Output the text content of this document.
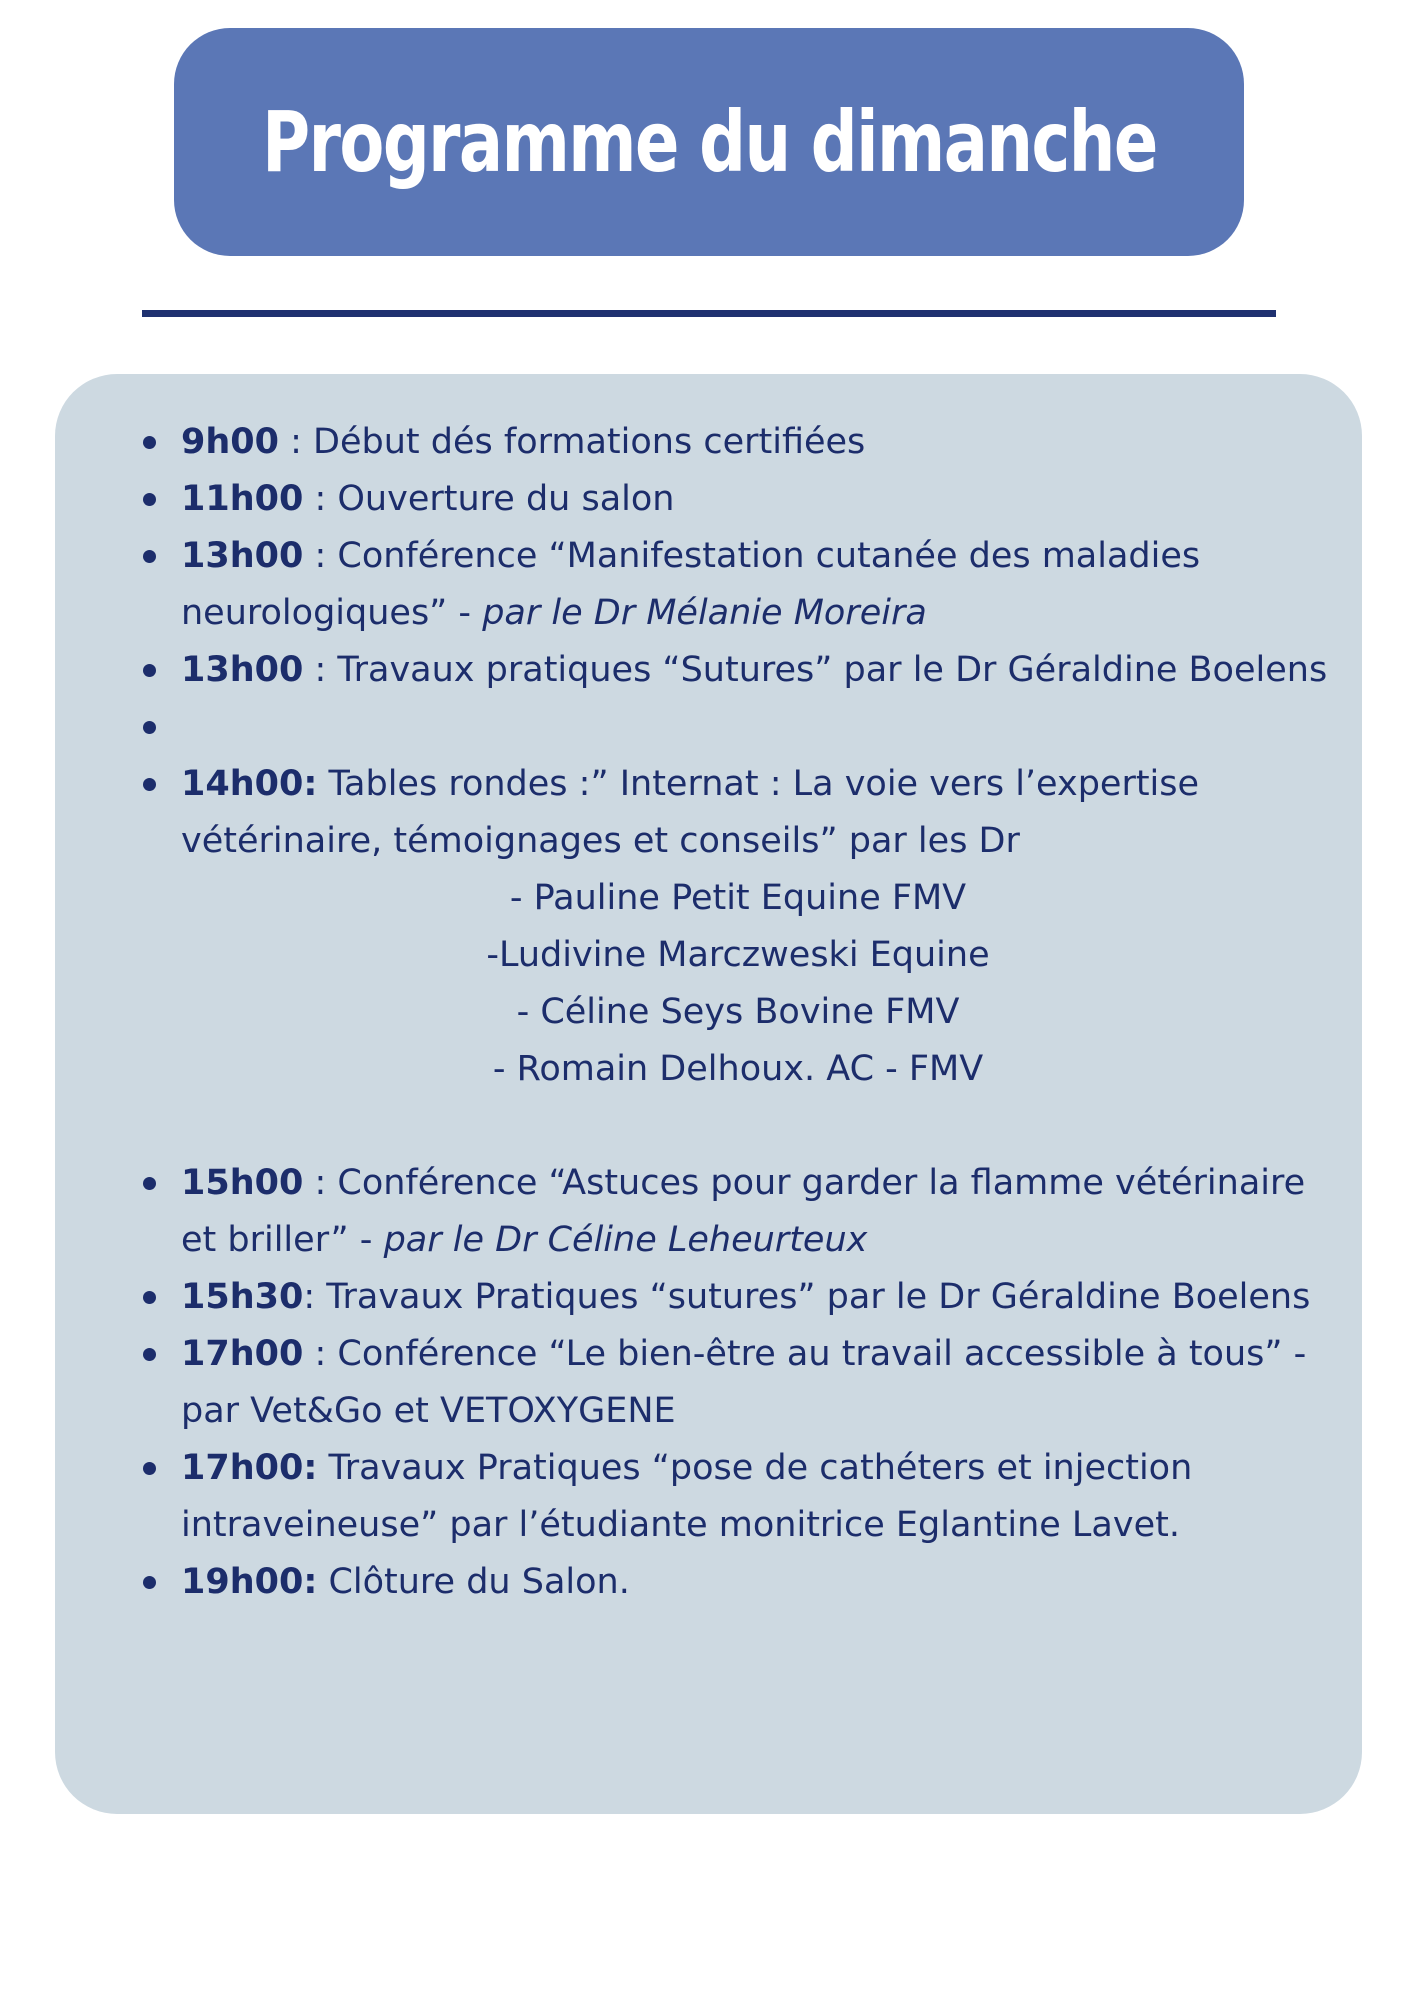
Programme du dimanche
9h00 : Début dés formations certifiées
11h00 : Ouverture du salon
13h00 : Conférence “Manifestation cutanée des maladies neurologiques” - par le Dr Mélanie Moreira
13h00 : Travaux pratiques “Sutures” par le Dr Géraldine Boelens
14h00: Tables rondes :” Internat : La voie vers l’expertise vétérinaire, témoignages et conseils” par les Dr
- Pauline Petit Equine FMV
-Ludivine Marczweski Equine
- Céline Seys Bovine FMV
- Romain Delhoux. AC - FMV
15h00 : Conférence “Astuces pour garder la flamme vétérinaire et briller” - par le Dr Céline Leheurteux
15h30: Travaux Pratiques “sutures” par le Dr Géraldine Boelens
17h00 : Conférence “Le bien-être au travail accessible à tous” - par Vet&Go et VETOXYGENE
17h00: Travaux Pratiques “pose de cathéters et injection intraveineuse” par l’étudiante monitrice Eglantine Lavet.
19h00: Clôture du Salon.
